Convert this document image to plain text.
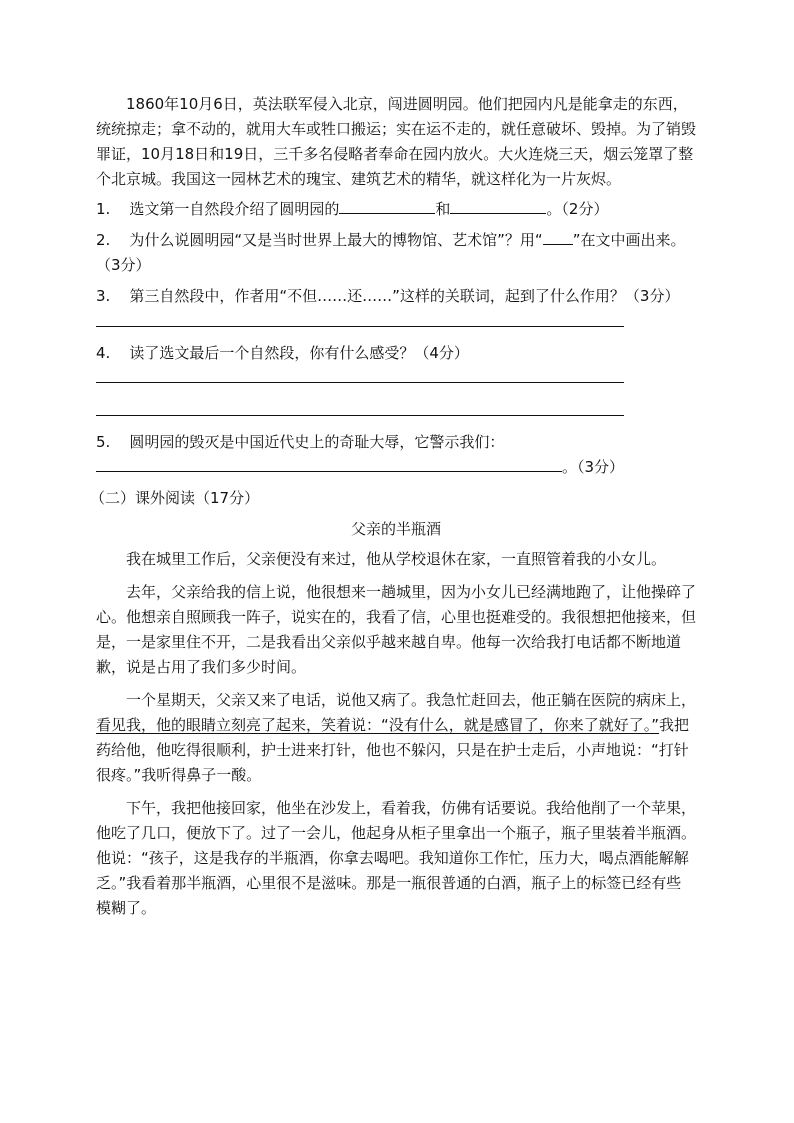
1860年10月6日，英法联军侵入北京，闯进圆明园。他们把园内凡是能拿走的东西，统统掠走；拿不动的，就用大车或牲口搬运；实在运不走的，就任意破坏、毁掉。为了销毁罪证，10月18日和19日，三千多名侵略者奉命在园内放火。大火连烧三天，烟云笼罩了整个北京城。我国这一园林艺术的瑰宝、建筑艺术的精华，就这样化为一片灰烬。

1. 选文第一自然段介绍了圆明园的	和	。（2分）

2. 为什么说圆明园“又是当时世界上最大的博物馆、艺术馆”？用“ ”在文中画出来。（3分）

3. 第三自然段中，作者用“不但……还……”这样的关联词，起到了什么作用？（3分）

4. 读了选文最后一个自然段，你有什么感受？（4分）

5. 圆明园的毁灭是中国近代史上的奇耻大辱，它警示我们：

。（3分）

（二）课外阅读（17分）

父亲的半瓶酒

我在城里工作后，父亲便没有来过，他从学校退休在家，一直照管着我的小女儿。

去年，父亲给我的信上说，他很想来一趟城里，因为小女儿已经满地跑了，让他操碎了心。他想亲自照顾我一阵子，说实在的，我看了信，心里也挺难受的。我很想把他接来，但是，一是家里住不开，二是我看出父亲似乎越来越自卑。他每一次给我打电话都不断地道歉，说是占用了我们多少时间。

一个星期天，父亲又来了电话，说他又病了。我急忙赶回去，他正躺在医院的病床上，看见我，他的眼睛立刻亮了起来，笑着说：“没有什么，就是感冒了，你来了就好了。”我把药给他，他吃得很顺利，护士进来打针，他也不躲闪，只是在护士走后，小声地说：“打针很疼。”我听得鼻子一酸。

下午，我把他接回家，他坐在沙发上，看着我，仿佛有话要说。我给他削了一个苹果，他吃了几口，便放下了。过了一会儿，他起身从柜子里拿出一个瓶子，瓶子里装着半瓶酒。他说：“孩子，这是我存的半瓶酒，你拿去喝吧。我知道你工作忙，压力大，喝点酒能解解乏。”我看着那半瓶酒，心里很不是滋味。那是一瓶很普通的白酒，瓶子上的标签已经有些模糊了。
